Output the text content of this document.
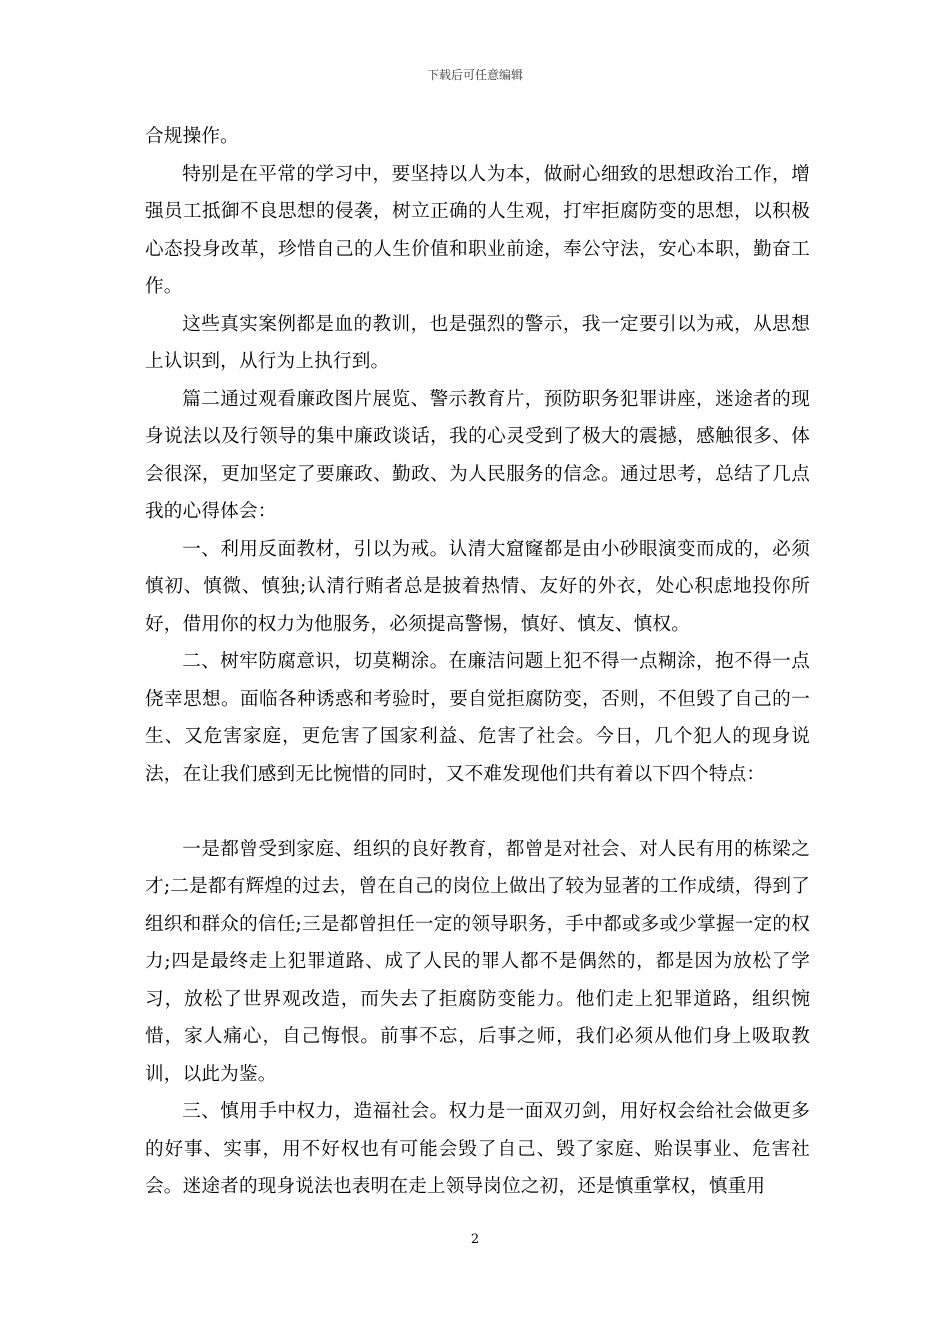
下载后可任意编辑

合规操作。

特别是在平常的学习中，要坚持以人为本，做耐心细致的思想政治工作，增强员工抵御不良思想的侵袭，树立正确的人生观，打牢拒腐防变的思想，以积极心态投身改革，珍惜自己的人生价值和职业前途，奉公守法，安心本职，勤奋工作。

这些真实案例都是血的教训，也是强烈的警示，我一定要引以为戒，从思想上认识到，从行为上执行到。

篇二通过观看廉政图片展览、警示教育片，预防职务犯罪讲座，迷途者的现身说法以及行领导的集中廉政谈话，我的心灵受到了极大的震撼，感触很多、体会很深，更加坚定了要廉政、勤政、为人民服务的信念。通过思考，总结了几点我的心得体会：

一、利用反面教材，引以为戒。认清大窟窿都是由小砂眼演变而成的，必须慎初、慎微、慎独;认清行贿者总是披着热情、友好的外衣，处心积虑地投你所好，借用你的权力为他服务，必须提高警惕，慎好、慎友、慎权。

二、树牢防腐意识，切莫糊涂。在廉洁问题上犯不得一点糊涂，抱不得一点侥幸思想。面临各种诱惑和考验时，要自觉拒腐防变，否则，不但毁了自己的一生、又危害家庭，更危害了国家利益、危害了社会。今日，几个犯人的现身说法，在让我们感到无比惋惜的同时，又不难发现他们共有着以下四个特点：

一是都曾受到家庭、组织的良好教育，都曾是对社会、对人民有用的栋梁之才;二是都有辉煌的过去，曾在自己的岗位上做出了较为显著的工作成绩，得到了组织和群众的信任;三是都曾担任一定的领导职务，手中都或多或少掌握一定的权力;四是最终走上犯罪道路、成了人民的罪人都不是偶然的，都是因为放松了学习，放松了世界观改造，而失去了拒腐防变能力。他们走上犯罪道路，组织惋惜，家人痛心，自己悔恨。前事不忘，后事之师，我们必须从他们身上吸取教训，以此为鉴。

三、慎用手中权力，造福社会。权力是一面双刃剑，用好权会给社会做更多的好事、实事，用不好权也有可能会毁了自己、毁了家庭、贻误事业、危害社会。迷途者的现身说法也表明在走上领导岗位之初，还是慎重掌权，慎重用

2
